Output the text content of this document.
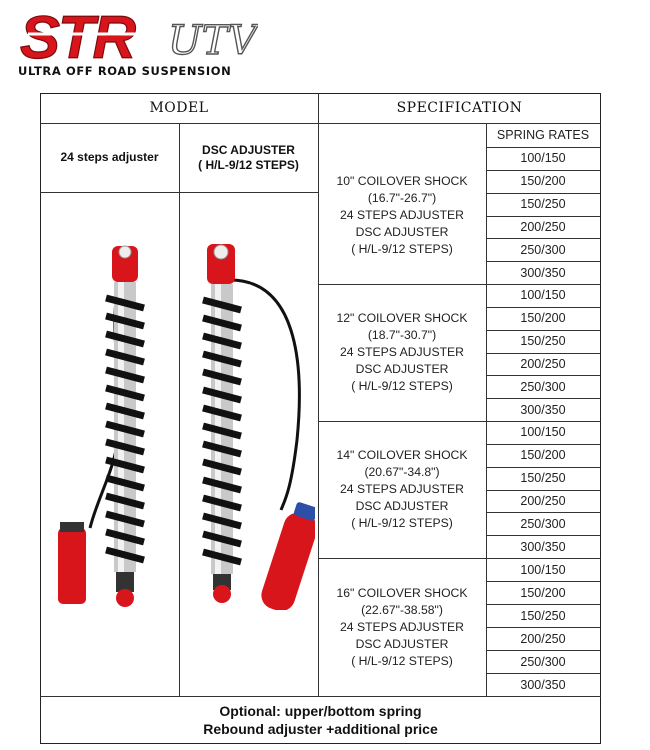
STR UTV
ULTRA OFF ROAD SUSPENSION
MODEL	SPECIFICATION
SPRING RATES
24 steps adjuster
DSC ADJUSTER
( H/L-9/12 STEPS)
10" COILOVER SHOCK
(16.7"-26.7")
24 STEPS ADJUSTER
DSC ADJUSTER
( H/L-9/12 STEPS)
12" COILOVER SHOCK
(18.7"-30.7")
24 STEPS ADJUSTER
DSC ADJUSTER
( H/L-9/12 STEPS)
14" COILOVER SHOCK
(20.67"-34.8")
24 STEPS ADJUSTER
DSC ADJUSTER
( H/L-9/12 STEPS)
16" COILOVER SHOCK
(22.67"-38.58")
24 STEPS ADJUSTER
DSC ADJUSTER
( H/L-9/12 STEPS)
100/150
150/200
150/250
200/250
250/300
300/350
100/150
150/200
150/250
200/250
250/300
300/350
100/150
150/200
150/250
200/250
250/300
300/350
100/150
150/200
150/250
200/250
250/300
300/350
Optional: upper/bottom spring
Rebound adjuster +additional price
